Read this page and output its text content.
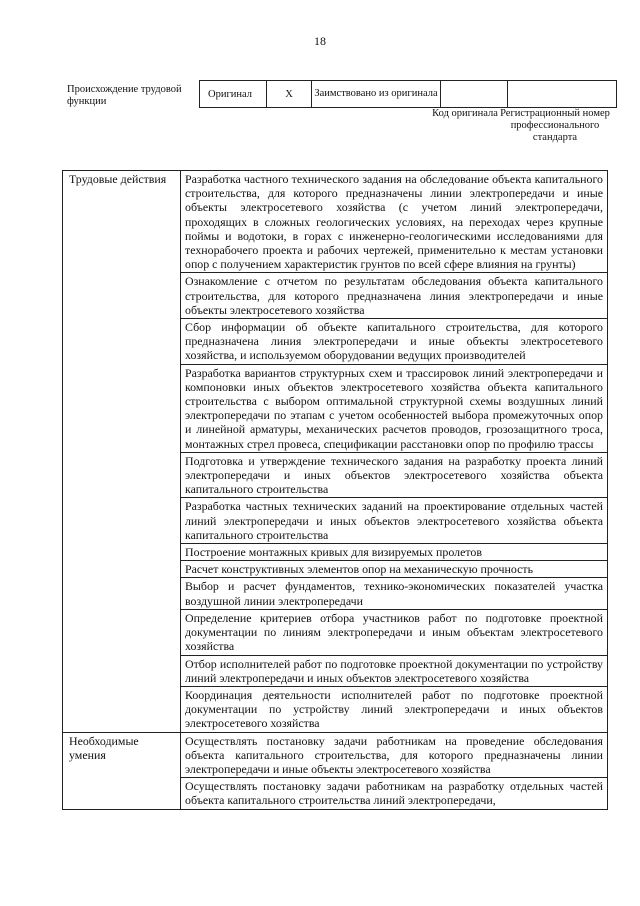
18
Происхождение трудовой функции
Оригинал	X	Заимствовано из оригинала		
Код оригинала Регистрационный номер профессионального стандарта
Трудовые действия	Разработка частного технического задания на обследование объекта капитального строительства, для которого предназначены линии электропередачи и иные объекты электросетевого хозяйства (с учетом линий электропередачи, проходящих в сложных геологических условиях, на переходах через крупные поймы и водотоки, в горах с инженерно-геологическими исследованиями для технорабочего проекта и рабочих чертежей, применительно к местам установки опор с получением характеристик грунтов по всей сфере влияния на грунты)
	Ознакомление с отчетом по результатам обследования объекта капитального строительства, для которого предназначена линия электропередачи и иные объекты электросетевого хозяйства
	Сбор информации об объекте капитального строительства, для которого предназначена линия электропередачи и иные объекты электросетевого хозяйства, и используемом оборудовании ведущих производителей
	Разработка вариантов структурных схем и трассировок линий электропередачи и компоновки иных объектов электросетевого хозяйства объекта капитального строительства с выбором оптимальной структурной схемы воздушных линий электропередачи по этапам с учетом особенностей выбора промежуточных опор и линейной арматуры, механических расчетов проводов, грозозащитного троса, монтажных стрел провеса, спецификации расстановки опор по профилю трассы
	Подготовка и утверждение технического задания на разработку проекта линий электропередачи и иных объектов электросетевого хозяйства объекта капитального строительства
	Разработка частных технических заданий на проектирование отдельных частей линий электропередачи и иных объектов электросетевого хозяйства объекта капитального строительства
	Построение монтажных кривых для визируемых пролетов
	Расчет конструктивных элементов опор на механическую прочность
	Выбор и расчет фундаментов, технико-экономических показателей участка воздушной линии электропередачи
	Определение критериев отбора участников работ по подготовке проектной документации по линиям электропередачи и иным объектам электросетевого хозяйства
	Отбор исполнителей работ по подготовке проектной документации по устройству линий электропередачи и иных объектов электросетевого хозяйства
	Координация деятельности исполнителей работ по подготовке проектной документации по устройству линий электропередачи и иных объектов электросетевого хозяйства
Необходимые умения	Осуществлять постановку задачи работникам на проведение обследования объекта капитального строительства, для которого предназначены линии электропередачи и иные объекты электросетевого хозяйства
	Осуществлять постановку задачи работникам на разработку отдельных частей объекта капитального строительства линий электропередачи,
